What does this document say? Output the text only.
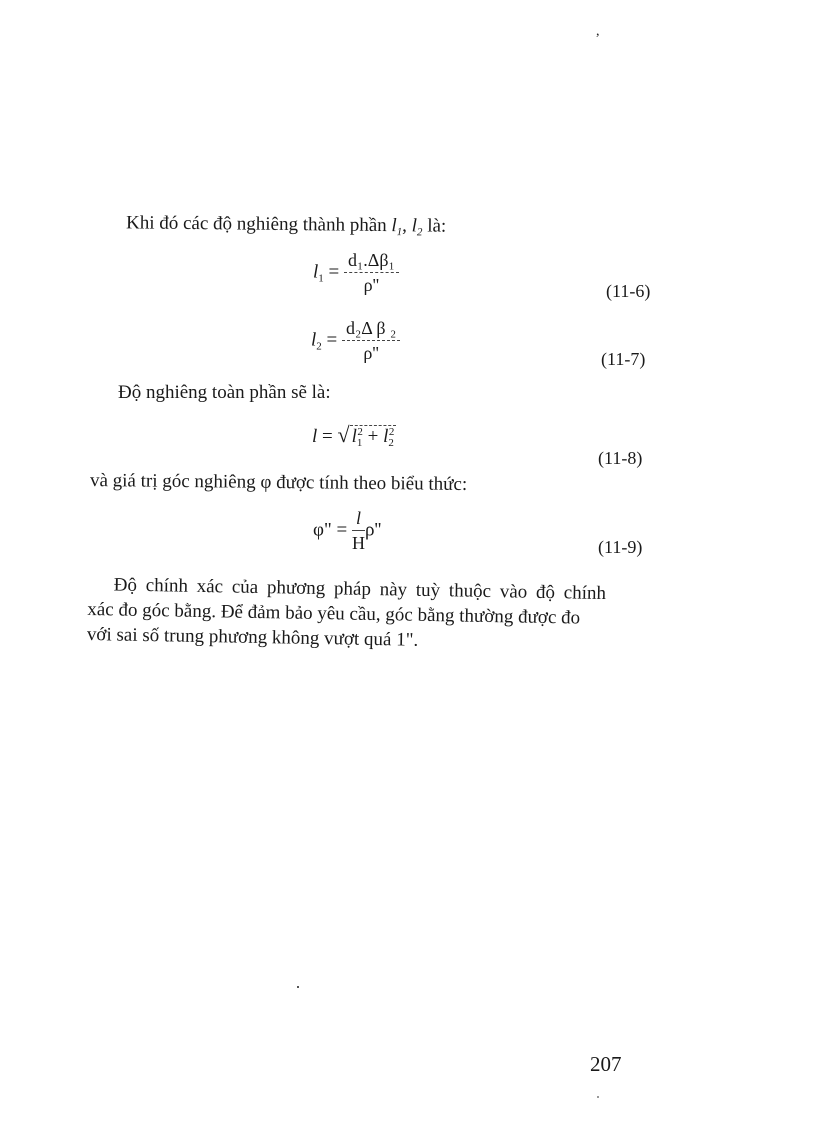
,
Khi đó các độ nghiêng thành phần $l_1$, $l_2$ là:
$l_1 = \frac{\text{d₁.Δβ₁}}{\rho''}$	(11-6)
$l_2 = \frac{\text{d₂Δ β ₂}}{\rho''}$	(11-7)
Độ nghiêng toàn phần sẽ là:
l = √ $l_1^2 + l_2^2$
(11-8)
và giá trị góc nghiêng φ được tính theo biểu thức:
φ" = $\frac{l}{H} \rho''$
(11-9)
Độ chính xác của phương pháp này tuỳ thuộc vào độ chính
xác đo góc bằng. Để đảm bảo yêu cầu, góc bằng thường được đo
với sai số trung phương không vượt quá 1".
207
